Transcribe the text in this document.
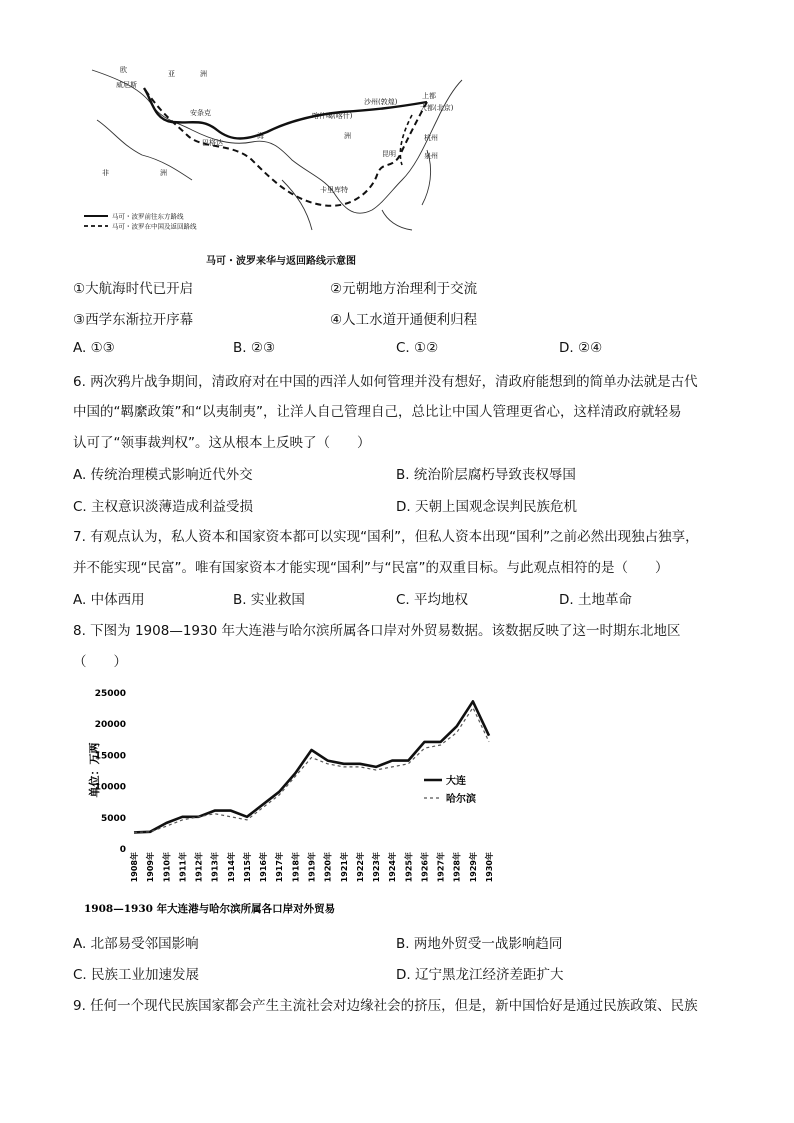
欧
威尼斯
亚	洲
安条克
巴格达
海
非	洲
喀什噶(喀什)
沙州(敦煌)
上都
大都(北京)
洲	杭州
昆明	泉州
卡里库特
马可・波罗前往东方路线
马可・波罗在中国及返回路线
马可・波罗来华与返回路线示意图
①大航海时代已开启	②元朝地方治理利于交流
③西学东渐拉开序幕	④人工水道开通便利归程
A. ①③	B. ②③	C. ①②	D. ②④
6. 两次鸦片战争期间，清政府对在中国的西洋人如何管理并没有想好，清政府能想到的简单办法就是古代
中国的“羁縻政策”和“以夷制夷”，让洋人自己管理自己，总比让中国人管理更省心，这样清政府就轻易
认可了“领事裁判权”。这从根本上反映了（　　）
A. 传统治理模式影响近代外交	B. 统治阶层腐朽导致丧权辱国
C. 主权意识淡薄造成利益受损	D. 天朝上国观念误判民族危机
7. 有观点认为，私人资本和国家资本都可以实现“国利”，但私人资本出现“国利”之前必然出现独占独享，
并不能实现“民富”。唯有国家资本才能实现“国利”与“民富”的双重目标。与此观点相符的是（　　）
A. 中体西用	B. 实业救国	C. 平均地权	D. 土地革命
8. 下图为 1908—1930 年大连港与哈尔滨所属各口岸对外贸易数据。该数据反映了这一时期东北地区
（　　）
单位：万两
0
5000
10000
15000
20000
25000
1908年 1909年 1910年 1911年 1912年 1913年 1914年 1915年 1916年 1917年 1918年 1919年 1920年 1921年 1922年 1923年 1924年 1925年 1926年 1927年 1928年 1929年 1930年
大连
哈尔滨
1908—1930 年大连港与哈尔滨所属各口岸对外贸易
A. 北部易受邻国影响	B. 两地外贸受一战影响趋同
C. 民族工业加速发展	D. 辽宁黑龙江经济差距扩大
9. 任何一个现代民族国家都会产生主流社会对边缘社会的挤压，但是，新中国恰好是通过民族政策、民族
